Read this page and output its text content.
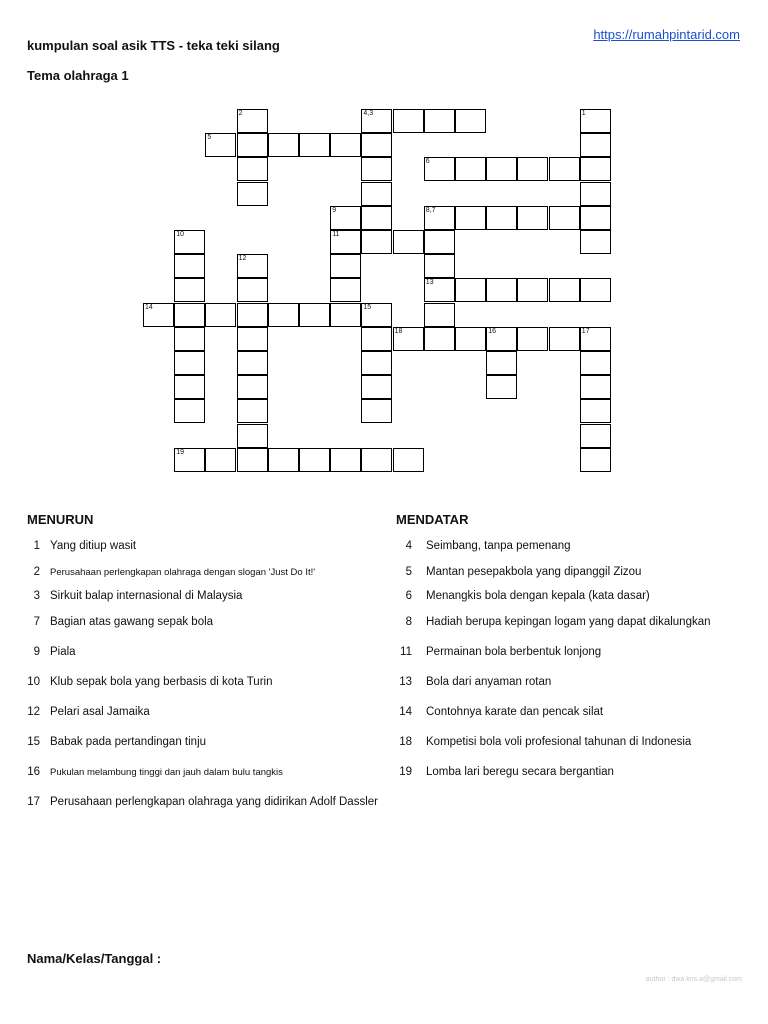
kumpulan soal asik TTS - teka teki silang
https://rumahpintarid.com
Tema olahraga 1
2	4,3	1
5
6
9	8,7
10	11
12
13
14	15
18	16	17
19
MENURUN	MENDATAR
1 Yang ditiup wasit
2 Perusahaan perlengkapan olahraga dengan slogan 'Just Do It!'
3 Sirkuit balap internasional di Malaysia
7 Bagian atas gawang sepak bola
9 Piala
10 Klub sepak bola yang berbasis di kota Turin
12 Pelari asal Jamaika
15 Babak pada pertandingan tinju
16 Pukulan melambung tinggi dan jauh dalam bulu tangkis
17 Perusahaan perlengkapan olahraga yang didirikan Adolf Dassler
4 Seimbang, tanpa pemenang
5 Mantan pesepakbola yang dipanggil Zizou
6 Menangkis bola dengan kepala (kata dasar)
8 Hadiah berupa kepingan logam yang dapat dikalungkan
11 Permainan bola berbentuk lonjong
13 Bola dari anyaman rotan
14 Contohnya karate dan pencak silat
18 Kompetisi bola voli profesional tahunan di Indonesia
19 Lomba lari beregu secara bergantian
Nama/Kelas/Tanggal :
author : dwa.kris.a@gmail.com
